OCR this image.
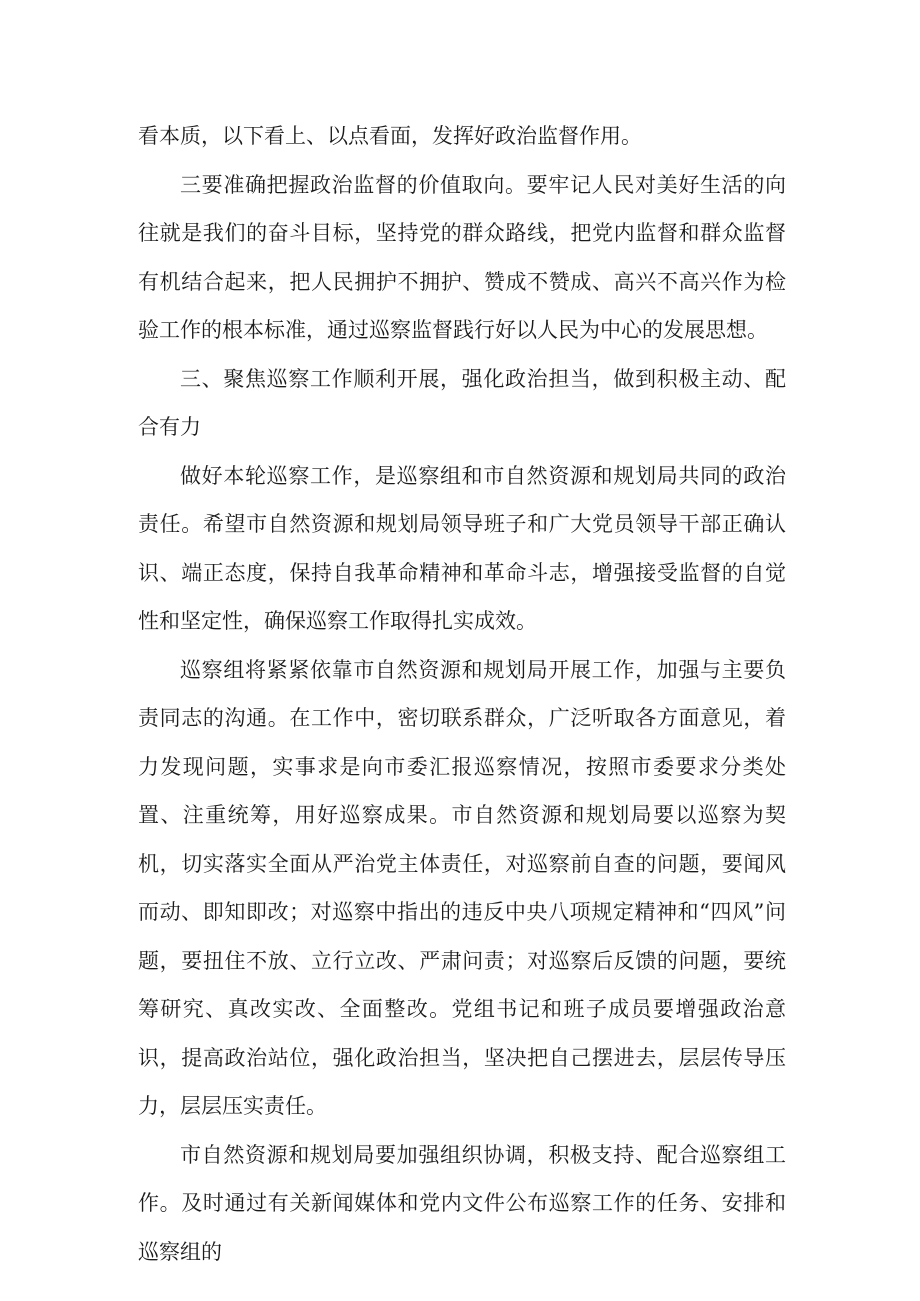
看本质，以下看上、以点看面，发挥好政治监督作用。

三要准确把握政治监督的价值取向。要牢记人民对美好生活的向往就是我们的奋斗目标，坚持党的群众路线，把党内监督和群众监督有机结合起来，把人民拥护不拥护、赞成不赞成、高兴不高兴作为检验工作的根本标准，通过巡察监督践行好以人民为中心的发展思想。

三、聚焦巡察工作顺利开展，强化政治担当，做到积极主动、配合有力

做好本轮巡察工作，是巡察组和市自然资源和规划局共同的政治责任。希望市自然资源和规划局领导班子和广大党员领导干部正确认识、端正态度，保持自我革命精神和革命斗志，增强接受监督的自觉性和坚定性，确保巡察工作取得扎实成效。

巡察组将紧紧依靠市自然资源和规划局开展工作，加强与主要负责同志的沟通。在工作中，密切联系群众，广泛听取各方面意见，着力发现问题，实事求是向市委汇报巡察情况，按照市委要求分类处置、注重统筹，用好巡察成果。市自然资源和规划局要以巡察为契机，切实落实全面从严治党主体责任，对巡察前自查的问题，要闻风而动、即知即改；对巡察中指出的违反中央八项规定精神和“四风”问题，要扭住不放、立行立改、严肃问责；对巡察后反馈的问题，要统筹研究、真改实改、全面整改。党组书记和班子成员要增强政治意识，提高政治站位，强化政治担当，坚决把自己摆进去，层层传导压力，层层压实责任。

市自然资源和规划局要加强组织协调，积极支持、配合巡察组工作。及时通过有关新闻媒体和党内文件公布巡察工作的任务、安排和巡察组的
